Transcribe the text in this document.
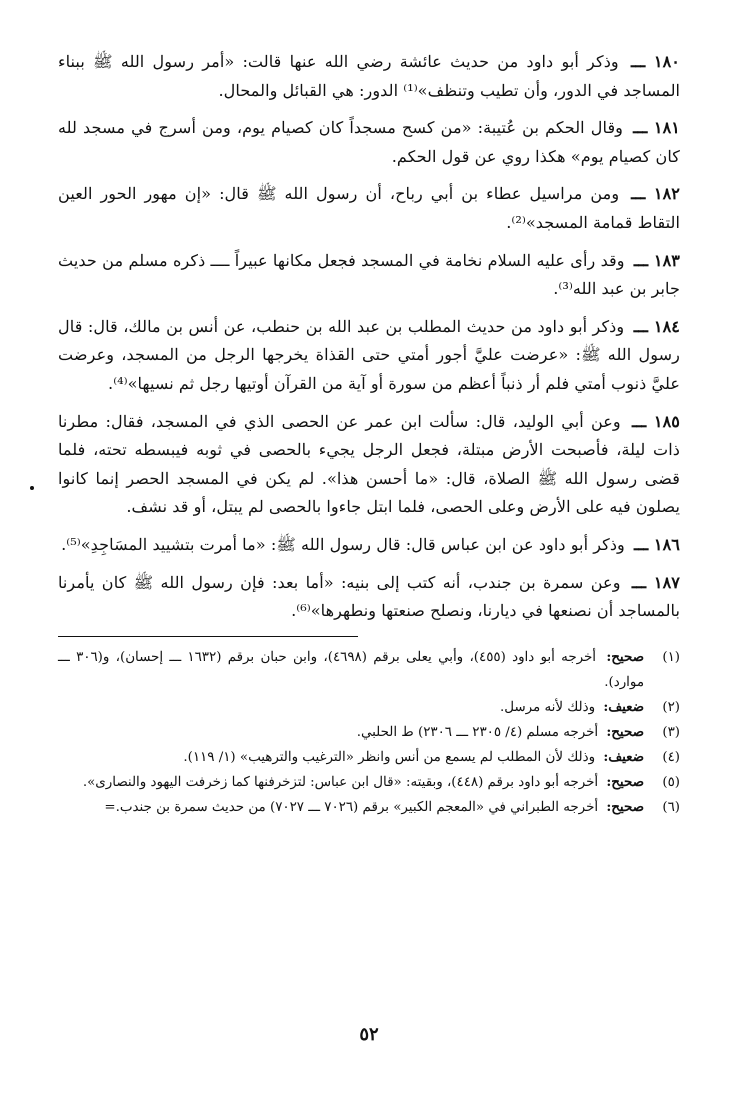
١٨٠ ـــ وذكر أبو داود من حديث عائشة رضي الله عنها قالت: «أمر رسول الله ﷺ ببناء المساجد في الدور، وأن تطيب وتنظف»⁽¹⁾ الدور: هي القبائل والمحال.

١٨١ ـــ وقال الحكم بن عُتيبة: «من كسح مسجداً كان كصيام يوم، ومن أسرج في مسجد لله كان كصيام يوم» هكذا روي عن قول الحكم.

١٨٢ ـــ ومن مراسيل عطاء بن أبي رباح، أن رسول الله ﷺ قال: «إن مهور الحور العين التقاط قمامة المسجد»⁽²⁾.

١٨٣ ـــ وقد رأى عليه السلام نخامة في المسجد فجعل مكانها عبيراً ــــ ذكره مسلم من حديث جابر بن عبد الله⁽³⁾.

١٨٤ ـــ وذكر أبو داود من حديث المطلب بن عبد الله بن حنطب، عن أنس بن مالك، قال: قال رسول الله ﷺ: «عرضت عليَّ أجور أمتي حتى القذاة يخرجها الرجل من المسجد، وعرضت عليَّ ذنوب أمتي فلم أر ذنباً أعظم من سورة أو آية من القرآن أوتيها رجل ثم نسيها»⁽⁴⁾.

١٨٥ ـــ وعن أبي الوليد، قال: سألت ابن عمر عن الحصى الذي في المسجد، فقال: مطرنا ذات ليلة، فأصبحت الأرض مبتلة، فجعل الرجل يجيء بالحصى في ثوبه فيبسطه تحته، فلما قضى رسول الله ﷺ الصلاة، قال: «ما أحسن هذا». لم يكن في المسجد الحصر إنما كانوا يصلون فيه على الأرض وعلى الحصى، فلما ابتل جاءوا بالحصى لم يبتل، أو قد نشف.

١٨٦ ـــ وذكر أبو داود عن ابن عباس قال: قال رسول الله ﷺ: «ما أمرت بتشييد المسَاجِدِ»⁽⁵⁾.

١٨٧ ـــ وعن سمرة بن جندب، أنه كتب إلى بنيه: «أما بعد: فإن رسول الله ﷺ كان يأمرنا بالمساجد أن نصنعها في ديارنا، ونصلح صنعتها ونطهرها»⁽⁶⁾.

(١)
صحيح: أخرجه أبو داود (٤٥٥)، وأبي يعلى برقم (٤٦٩٨)، وابن حبان برقم (١٦٣٢ ـــ إحسان)، و(٣٠٦ ـــ موارد).
(٢)
ضعيف: وذلك لأنه مرسل.
(٣)
صحيح: أخرجه مسلم (٤/ ٢٣٠٥ ـــ ٢٣٠٦) ط الحلبي.
(٤)
ضعيف: وذلك لأن المطلب لم يسمع من أنس وانظر «الترغيب والترهيب» (١/ ١١٩).
(٥)
صحيح: أخرجه أبو داود برقم (٤٤٨)، وبقيته: «قال ابن عباس: لتزخرفنها كما زخرفت اليهود والنصارى».
(٦)
صحيح: أخرجه الطبراني في «المعجم الكبير» برقم (٧٠٢٦ ـــ ٧٠٢٧) من حديث سمرة بن جندب.=
٥٢
